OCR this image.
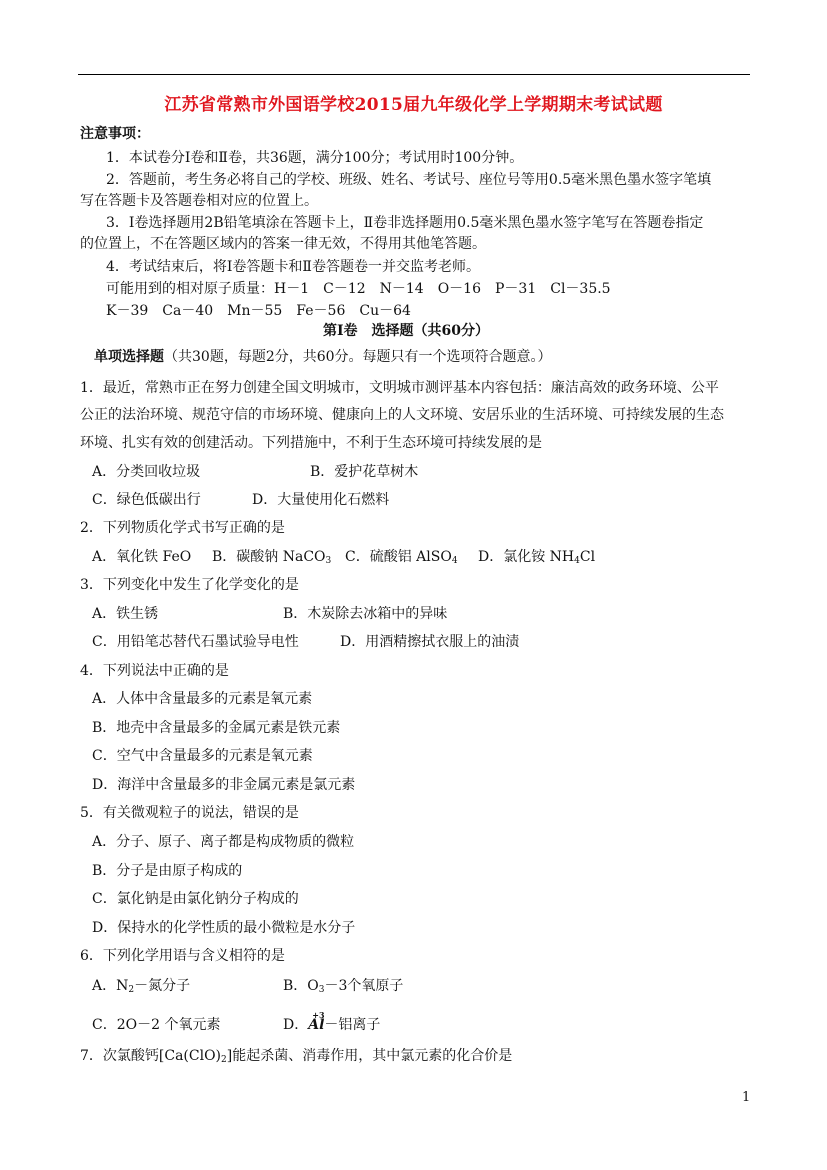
江苏省常熟市外国语学校2015届九年级化学上学期期末考试试题
注意事项：
1．本试卷分Ⅰ卷和Ⅱ卷，共36题，满分100分；考试用时100分钟。
2．答题前，考生务必将自己的学校、班级、姓名、考试号、座位号等用0.5毫米黑色墨水签字笔填
写在答题卡及答题卷相对应的位置上。
3．Ⅰ卷选择题用2B铅笔填涂在答题卡上，Ⅱ卷非选择题用0.5毫米黑色墨水签字笔写在答题卷指定
的位置上，不在答题区域内的答案一律无效，不得用其他笔答题。
4．考试结束后，将Ⅰ卷答题卡和Ⅱ卷答题卷一并交监考老师。
可能用到的相对原子质量：H－1　C－12　N－14　O－16　P－31　Cl－35.5
K－39　Ca－40　Mn－55　Fe－56　Cu－64
第Ⅰ卷　选择题（共60分）
单项选择题（共30题，每题2分，共60分。每题只有一个选项符合题意。）
1．最近，常熟市正在努力创建全国文明城市，文明城市测评基本内容包括：廉洁高效的政务环境、公平
公正的法治环境、规范守信的市场环境、健康向上的人文环境、安居乐业的生活环境、可持续发展的生态
环境、扎实有效的创建活动。下列措施中，不利于生态环境可持续发展的是
A．分类回收垃圾	B．爱护花草树木
C．绿色低碳出行	D．大量使用化石燃料
2．下列物质化学式书写正确的是
A．氧化铁 FeO B．碳酸钠 NaCO$_3$ C．硫酸铝 AlSO$_4$ D．氯化铵 $NH_4Cl$
3．下列变化中发生了化学变化的是
A．铁生锈	B．木炭除去冰箱中的异味
C．用铅笔芯替代石墨试验导电性	D．用酒精擦拭衣服上的油渍
4．下列说法中正确的是
A．人体中含量最多的元素是氧元素
B．地壳中含量最多的金属元素是铁元素
C．空气中含量最多的元素是氧元素
D．海洋中含量最多的非金属元素是氯元素
5．有关微观粒子的说法，错误的是
A．分子、原子、离子都是构成物质的微粒
B．分子是由原子构成的
C．氯化钠是由氯化钠分子构成的
D．保持水的化学性质的最小微粒是水分子
6．下列化学用语与含义相符的是
A．$N_2-$氮分子	B．$O_3-3$个氧原子
C．2O－2 个氧元素	D．
+3
Al－铝离子
7．次氯酸钙$[Ca(ClO)_2]$能起杀菌、消毒作用，其中氯元素的化合价是
1
